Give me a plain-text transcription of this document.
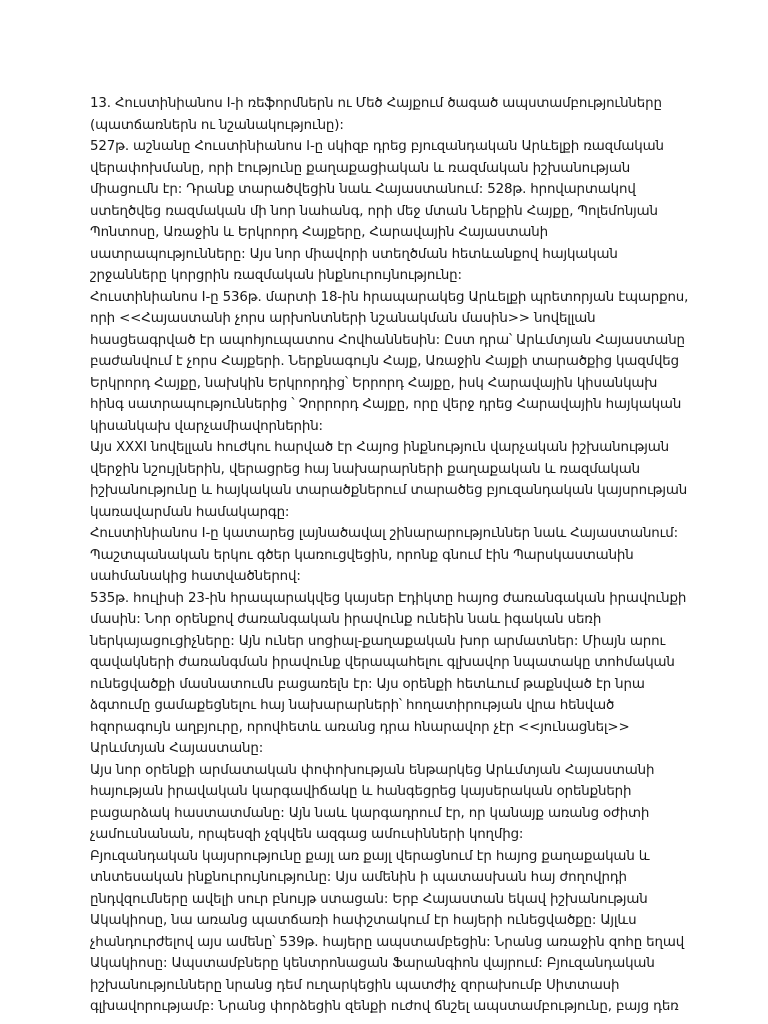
13. Հուստինիանոս I-ի ռեֆորմներն ու Մեծ Հայքում ծագած ապստամբությունները (պատճառներն ու նշանակությունը):

527թ. աշնանը Հուստինիանոս I-ը սկիզբ դրեց բյուզանդական Արևելքի ռազմական վերափոխմանը, որի էությունը քաղաքացիական և ռազմական իշխանության միացումն էր: Դրանք տարածվեցին նաև Հայաստանում: 528թ. հրովարտակով ստեղծվեց ռազմական մի նոր նահանգ, որի մեջ մտան Ներքին Հայքը, Պոլեմոնյան Պոնտոսը, Առաջին և Երկրորդ Հայքերը, Հարավային Հայաստանի սատրապությունները: Այս նոր միավորի ստեղծման հետևանքով հայկական շրջանները կորցրին ռազմական ինքնուրույնությունը:

Հուստինիանոս I-ը 536թ. մարտի 18-ին հրապարակեց Արևելքի պրետորյան էպարքոս, որի <<Հայաստանի չորս արխոնտների նշանակման մասին>> նովելլան հասցեագրված էր ապոհյուպատոս Հովհաննեսին: Ըստ դրա՝ Արևմտյան Հայաստանը բաժանվում է չորս Հայքերի. Ներքնագույն Հայք, Առաջին Հայքի տարածքից կազմվեց Երկրորդ Հայքը, նախկին Երկրորդից՝ Երրորդ Հայքը, իսկ Հարավային կիսանկախ հինգ սատրապություններից ՝ Չորրորդ Հայքը, որը վերջ դրեց Հարավային հայկական կիսանկախ վարչամիավորներին:

Այս XXXI նովելլան հուժկու հարված էր Հայոց ինքնություն վարչական իշխանության վերջին նշույլներին, վերացրեց հայ նախարարների քաղաքական և ռազմական իշխանությունը և հայկական տարածքներում տարածեց բյուզանդական կայսրության կառավարման համակարգը:

Հուստինիանոս I-ը կատարեց լայնածավալ շինարարություններ նաև Հայաստանում: Պաշտպանական երկու գծեր կառուցվեցին, որոնք գնում էին Պարսկաստանին սահմանակից հատվածներով:

535թ. հուլիսի 23-ին հրապարակվեց կայսեր Էդիկտը հայոց ժառանգական իրավունքի մասին: Նոր օրենքով ժառանգական իրավունք ունեին նաև իգական սեռի ներկայացուցիչները: Այն ուներ սոցիալ-քաղաքական խոր արմատներ: Միայն արու զավակների ժառանգման իրավունք վերապահելու գլխավոր նպատակը տոհմական ունեցվածքի մասնատումն բացառելն էր: Այս օրենքի հետևում թաքնված էր նրա ձգտումը ցամաքեցնելու հայ նախարարների՝ հողատիրության վրա հենված հզորագույն աղբյուրը, որովհետև առանց դրա հնարավոր չէր <<յունացնել>> Արևմտյան Հայաստանը:

Այս նոր օրենքի արմատական փոփոխության ենթարկեց Արևմտյան Հայաստանի հայության իրավական կարգավիճակը և հանգեցրեց կայսերական օրենքների բացարձակ հաստատմանը: Այն նաև կարգադրում էր, որ կանայք առանց օժիտի չամուսնանան, որպեսզի չզկվեն ազգաց ամուսինների կողմից:

Բյուզանդական կայսրությունը քայլ առ քայլ վերացնում էր հայոց քաղաքական և տնտեսական ինքնուրույնությունը: Այս ամենին ի պատասխան հայ ժողովրդի ընդվզումները ավելի սուր բնույթ ստացան: Երբ Հայաստան եկավ իշխանության Ակակիոսը, նա առանց պատճառի հափշտակում էր հայերի ունեցվածքը: Այլևս չհանդուրժելով այս ամենը՝ 539թ. հայերը ապստամբեցին: Նրանց առաջին զոհը եղավ Ակակիոսը: Ապստամբները կենտրոնացան Ֆարանգիոն վայրում: Բյուզանդական իշխանությունները նրանց դեմ ուղարկեցին պատժիչ զորախումբ Սիտտասի գլխավորությամբ: Նրանց փորձեցին զենքի ուժով ճնշել ապստամբությունը, բայց դեռ
